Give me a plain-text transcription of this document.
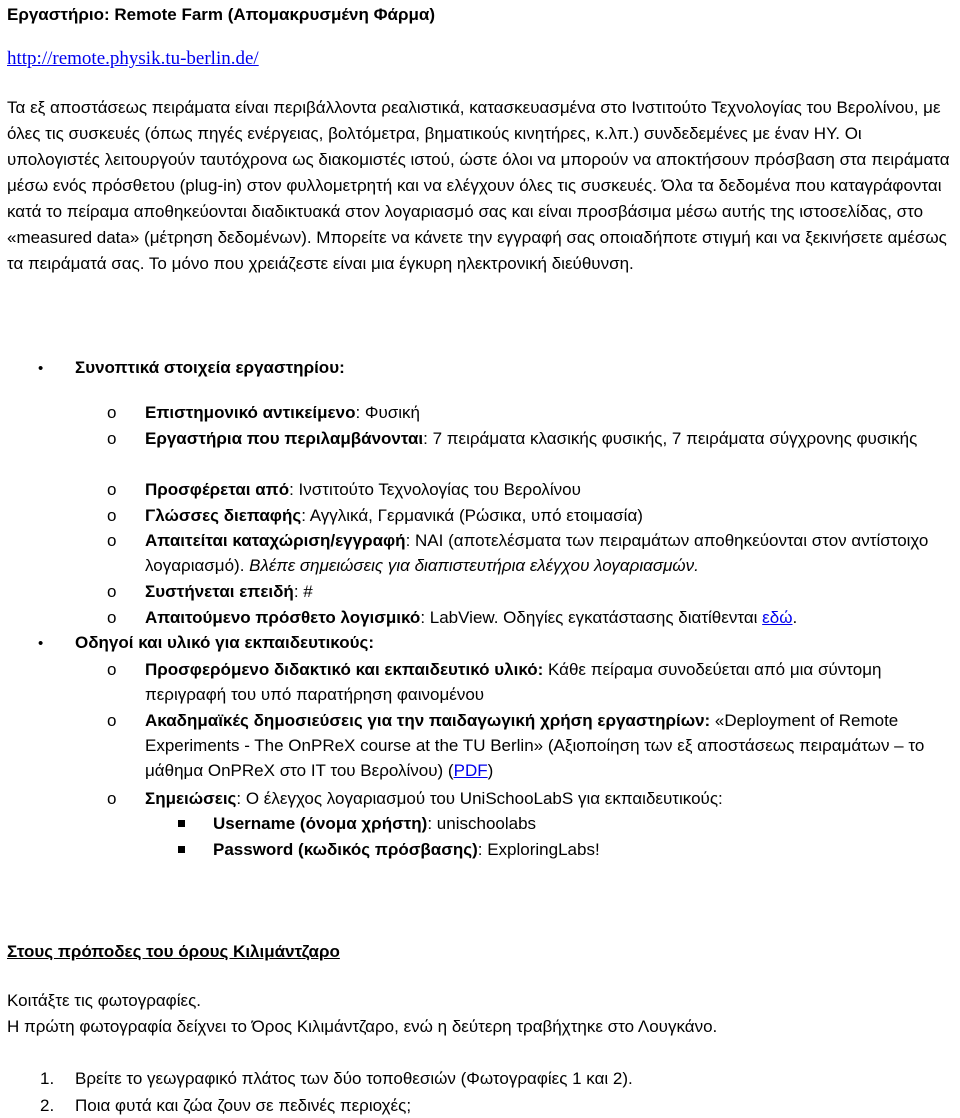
Εργαστήριο: Remote Farm (Απομακρυσμένη Φάρμα)
http://remote.physik.tu-berlin.de/
Τα εξ αποστάσεως πειράματα είναι περιβάλλοντα ρεαλιστικά, κατασκευασμένα στο Ινστιτούτο Τεχνολογίας του Βερολίνου, με όλες τις συσκευές (όπως πηγές ενέργειας, βολτόμετρα, βηματικούς κινητήρες, κ.λπ.) συνδεδεμένες με έναν ΗΥ. Οι υπολογιστές λειτουργούν ταυτόχρονα ως διακομιστές ιστού, ώστε όλοι να μπορούν να αποκτήσουν πρόσβαση στα πειράματα μέσω ενός πρόσθετου (plug-in) στον φυλλομετρητή και να ελέγχουν όλες τις συσκευές. Όλα τα δεδομένα που καταγράφονται κατά το πείραμα αποθηκεύονται διαδικτυακά στον λογαριασμό σας και είναι προσβάσιμα μέσω αυτής της ιστοσελίδας, στο «measured data» (μέτρηση δεδομένων). Μπορείτε να κάνετε την εγγραφή σας οποιαδήποτε στιγμή και να ξεκινήσετε αμέσως τα πειράματά σας. Το μόνο που χρειάζεστε είναι μια έγκυρη ηλεκτρονική διεύθυνση.
• Συνοπτικά στοιχεία εργαστηρίου:
o Επιστημονικό αντικείμενο: Φυσική
o Εργαστήρια που περιλαμβάνονται: 7 πειράματα κλασικής φυσικής, 7 πειράματα σύγχρονης φυσικής
o Προσφέρεται από: Ινστιτούτο Τεχνολογίας του Βερολίνου
o Γλώσσες διεπαφής: Αγγλικά, Γερμανικά (Ρώσικα, υπό ετοιμασία)
o Απαιτείται καταχώριση/εγγραφή: ΝΑΙ (αποτελέσματα των πειραμάτων αποθηκεύονται στον αντίστοιχο λογαριασμό). Βλέπε σημειώσεις για διαπιστευτήρια ελέγχου λογαριασμών.
o Συστήνεται επειδή: #
o Απαιτούμενο πρόσθετο λογισμικό: LabView. Οδηγίες εγκατάστασης διατίθενται εδώ.
• Οδηγοί και υλικό για εκπαιδευτικούς:
o Προσφερόμενο διδακτικό και εκπαιδευτικό υλικό: Κάθε πείραμα συνοδεύεται από μια σύντομη περιγραφή του υπό παρατήρηση φαινομένου
o Ακαδημαϊκές δημοσιεύσεις για την παιδαγωγική χρήση εργαστηρίων: «Deployment of Remote Experiments - The OnPReX course at the TU Berlin» (Αξιοποίηση των εξ αποστάσεως πειραμάτων – το μάθημα OnPReX στο ΙΤ του Βερολίνου) (PDF)
o Σημειώσεις: Ο έλεγχος λογαριασμού του UniSchooLabS για εκπαιδευτικούς:
Username (όνομα χρήστη): unischoolabs
Password (κωδικός πρόσβασης): ExploringLabs!
Στους πρόποδες του όρους Κιλιμάντζαρο
Κοιτάξτε τις φωτογραφίες.
Η πρώτη φωτογραφία δείχνει το Όρος Κιλιμάντζαρο, ενώ η δεύτερη τραβήχτηκε στο Λουγκάνο.
1. Βρείτε το γεωγραφικό πλάτος των δύο τοποθεσιών (Φωτογραφίες 1 και 2).
2. Ποια φυτά και ζώα ζουν σε πεδινές περιοχές;
